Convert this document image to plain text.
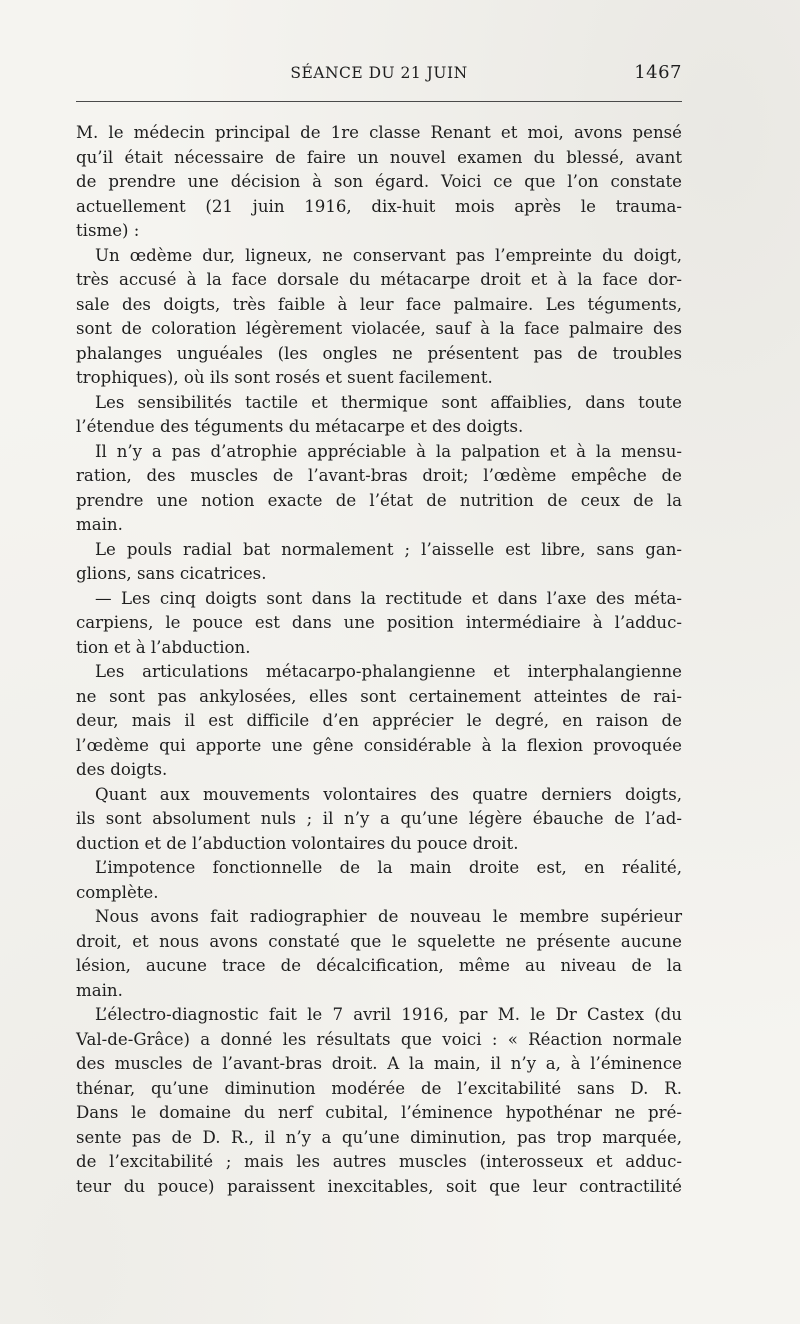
SÉANCE DU 21 JUIN	1467
M. le médecin principal de 1re classe Renant et moi, avons pensé
qu’il était nécessaire de faire un nouvel examen du blessé, avant
de prendre une décision à son égard. Voici ce que l’on constate
actuellement (21 juin 1916, dix-huit mois après le trauma-
tisme) :
Un œdème dur, ligneux, ne conservant pas l’empreinte du doigt,
très accusé à la face dorsale du métacarpe droit et à la face dor-
sale des doigts, très faible à leur face palmaire. Les téguments,
sont de coloration légèrement violacée, sauf à la face palmaire des
phalanges unguéales (les ongles ne présentent pas de troubles
trophiques), où ils sont rosés et suent facilement.
Les sensibilités tactile et thermique sont affaiblies, dans toute
l’étendue des téguments du métacarpe et des doigts.
Il n’y a pas d’atrophie appréciable à la palpation et à la mensu-
ration, des muscles de l’avant-bras droit; l’œdème empêche de
prendre une notion exacte de l’état de nutrition de ceux de la
main.
Le pouls radial bat normalement ; l’aisselle est libre, sans gan-
glions, sans cicatrices.
— Les cinq doigts sont dans la rectitude et dans l’axe des méta-
carpiens, le pouce est dans une position intermédiaire à l’adduc-
tion et à l’abduction.
Les articulations métacarpo-phalangienne et interphalangienne
ne sont pas ankylosées, elles sont certainement atteintes de rai-
deur, mais il est difficile d’en apprécier le degré, en raison de
l’œdème qui apporte une gêne considérable à la flexion provoquée
des doigts.
Quant aux mouvements volontaires des quatre derniers doigts,
ils sont absolument nuls ; il n’y a qu’une légère ébauche de l’ad-
duction et de l’abduction volontaires du pouce droit.
L’impotence fonctionnelle de la main droite est, en réalité,
complète.
Nous avons fait radiographier de nouveau le membre supérieur
droit, et nous avons constaté que le squelette ne présente aucune
lésion, aucune trace de décalcification, même au niveau de la
main.
L’électro-diagnostic fait le 7 avril 1916, par M. le Dr Castex (du
Val-de-Grâce) a donné les résultats que voici : « Réaction normale
des muscles de l’avant-bras droit. A la main, il n’y a, à l’éminence
thénar, qu’une diminution modérée de l’excitabilité sans D. R.
Dans le domaine du nerf cubital, l’éminence hypothénar ne pré-
sente pas de D. R., il n’y a qu’une diminution, pas trop marquée,
de l’excitabilité ; mais les autres muscles (interosseux et adduc-
teur du pouce) paraissent inexcitables, soit que leur contractilité
